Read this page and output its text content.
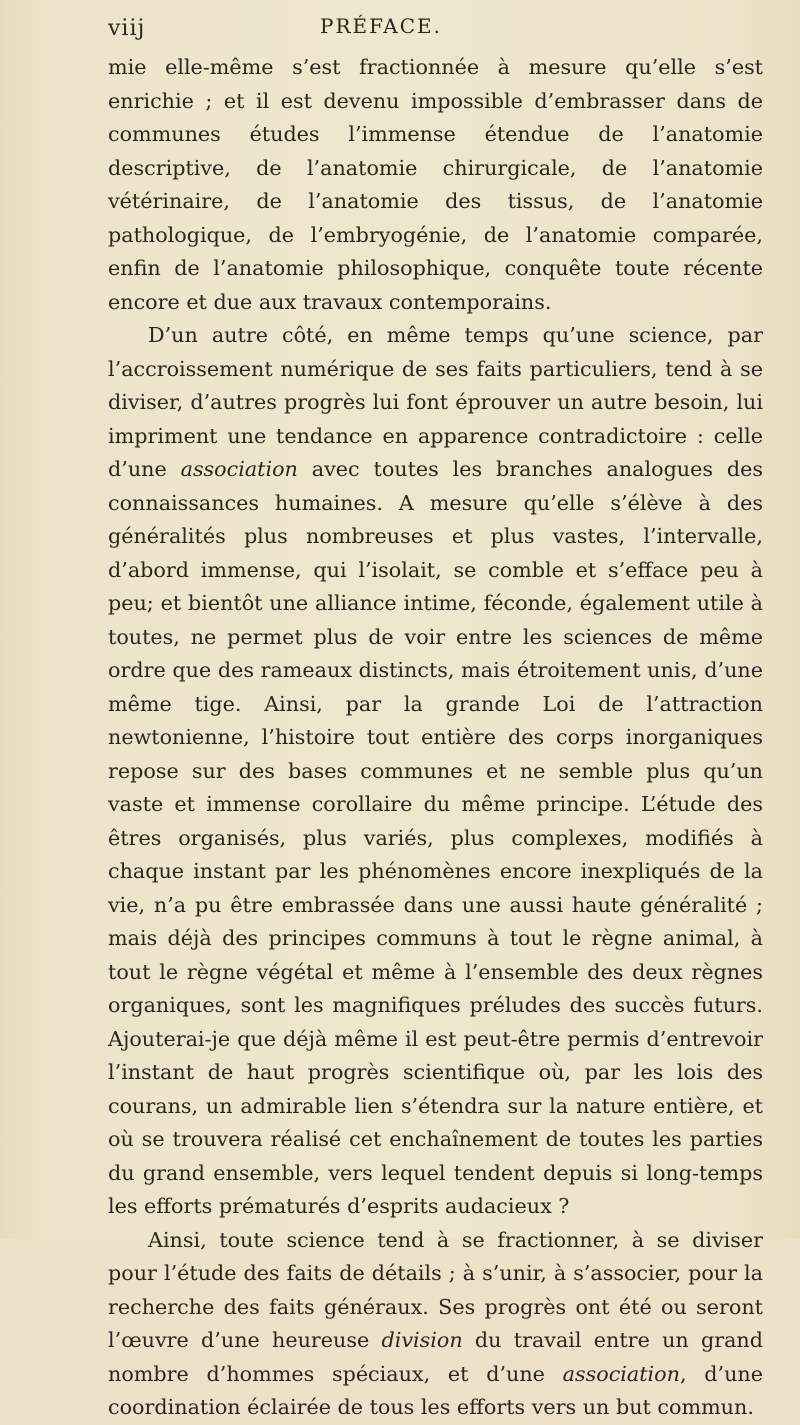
viij	PRÉFACE.

mie elle-même s’est fractionnée à mesure qu’elle s’est enrichie ; et il est devenu impossible d’embrasser dans de communes études l’immense étendue de l’anatomie descriptive, de l’anatomie chirurgicale, de l’anatomie vétérinaire, de l’anatomie des tissus, de l’anatomie pathologique, de l’embryogénie, de l’anatomie comparée, enfin de l’anatomie philosophique, conquête toute récente encore et due aux travaux contemporains.

D’un autre côté, en même temps qu’une science, par l’accroissement numérique de ses faits particuliers, tend à se diviser, d’autres progrès lui font éprouver un autre besoin, lui impriment une tendance en apparence contradictoire : celle d’une association avec toutes les branches analogues des connaissances humaines. A mesure qu’elle s’élève à des généralités plus nombreuses et plus vastes, l’intervalle, d’abord immense, qui l’isolait, se comble et s’efface peu à peu; et bientôt une alliance intime, féconde, également utile à toutes, ne permet plus de voir entre les sciences de même ordre que des rameaux distincts, mais étroitement unis, d’une même tige. Ainsi, par la grande Loi de l’attraction newtonienne, l’histoire tout entière des corps inorganiques repose sur des bases communes et ne semble plus qu’un vaste et immense corollaire du même principe. L’étude des êtres organisés, plus variés, plus complexes, modifiés à chaque instant par les phénomènes encore inexpliqués de la vie, n’a pu être embrassée dans une aussi haute généralité ; mais déjà des principes communs à tout le règne animal, à tout le règne végétal et même à l’ensemble des deux règnes organiques, sont les magnifiques préludes des succès futurs. Ajouterai-je que déjà même il est peut-être permis d’entrevoir l’instant de haut progrès scientifique où, par les lois des courans, un admirable lien s’étendra sur la nature entière, et où se trouvera réalisé cet enchaînement de toutes les parties du grand ensemble, vers lequel tendent depuis si long-temps les efforts prématurés d’esprits audacieux ?

Ainsi, toute science tend à se fractionner, à se diviser pour l’étude des faits de détails ; à s’unir, à s’associer, pour la recherche des faits généraux. Ses progrès ont été ou seront l’œuvre d’une heureuse division du travail entre un grand nombre d’hommes spéciaux, et d’une association, d’une coordination éclairée de tous les efforts vers un but commun.
